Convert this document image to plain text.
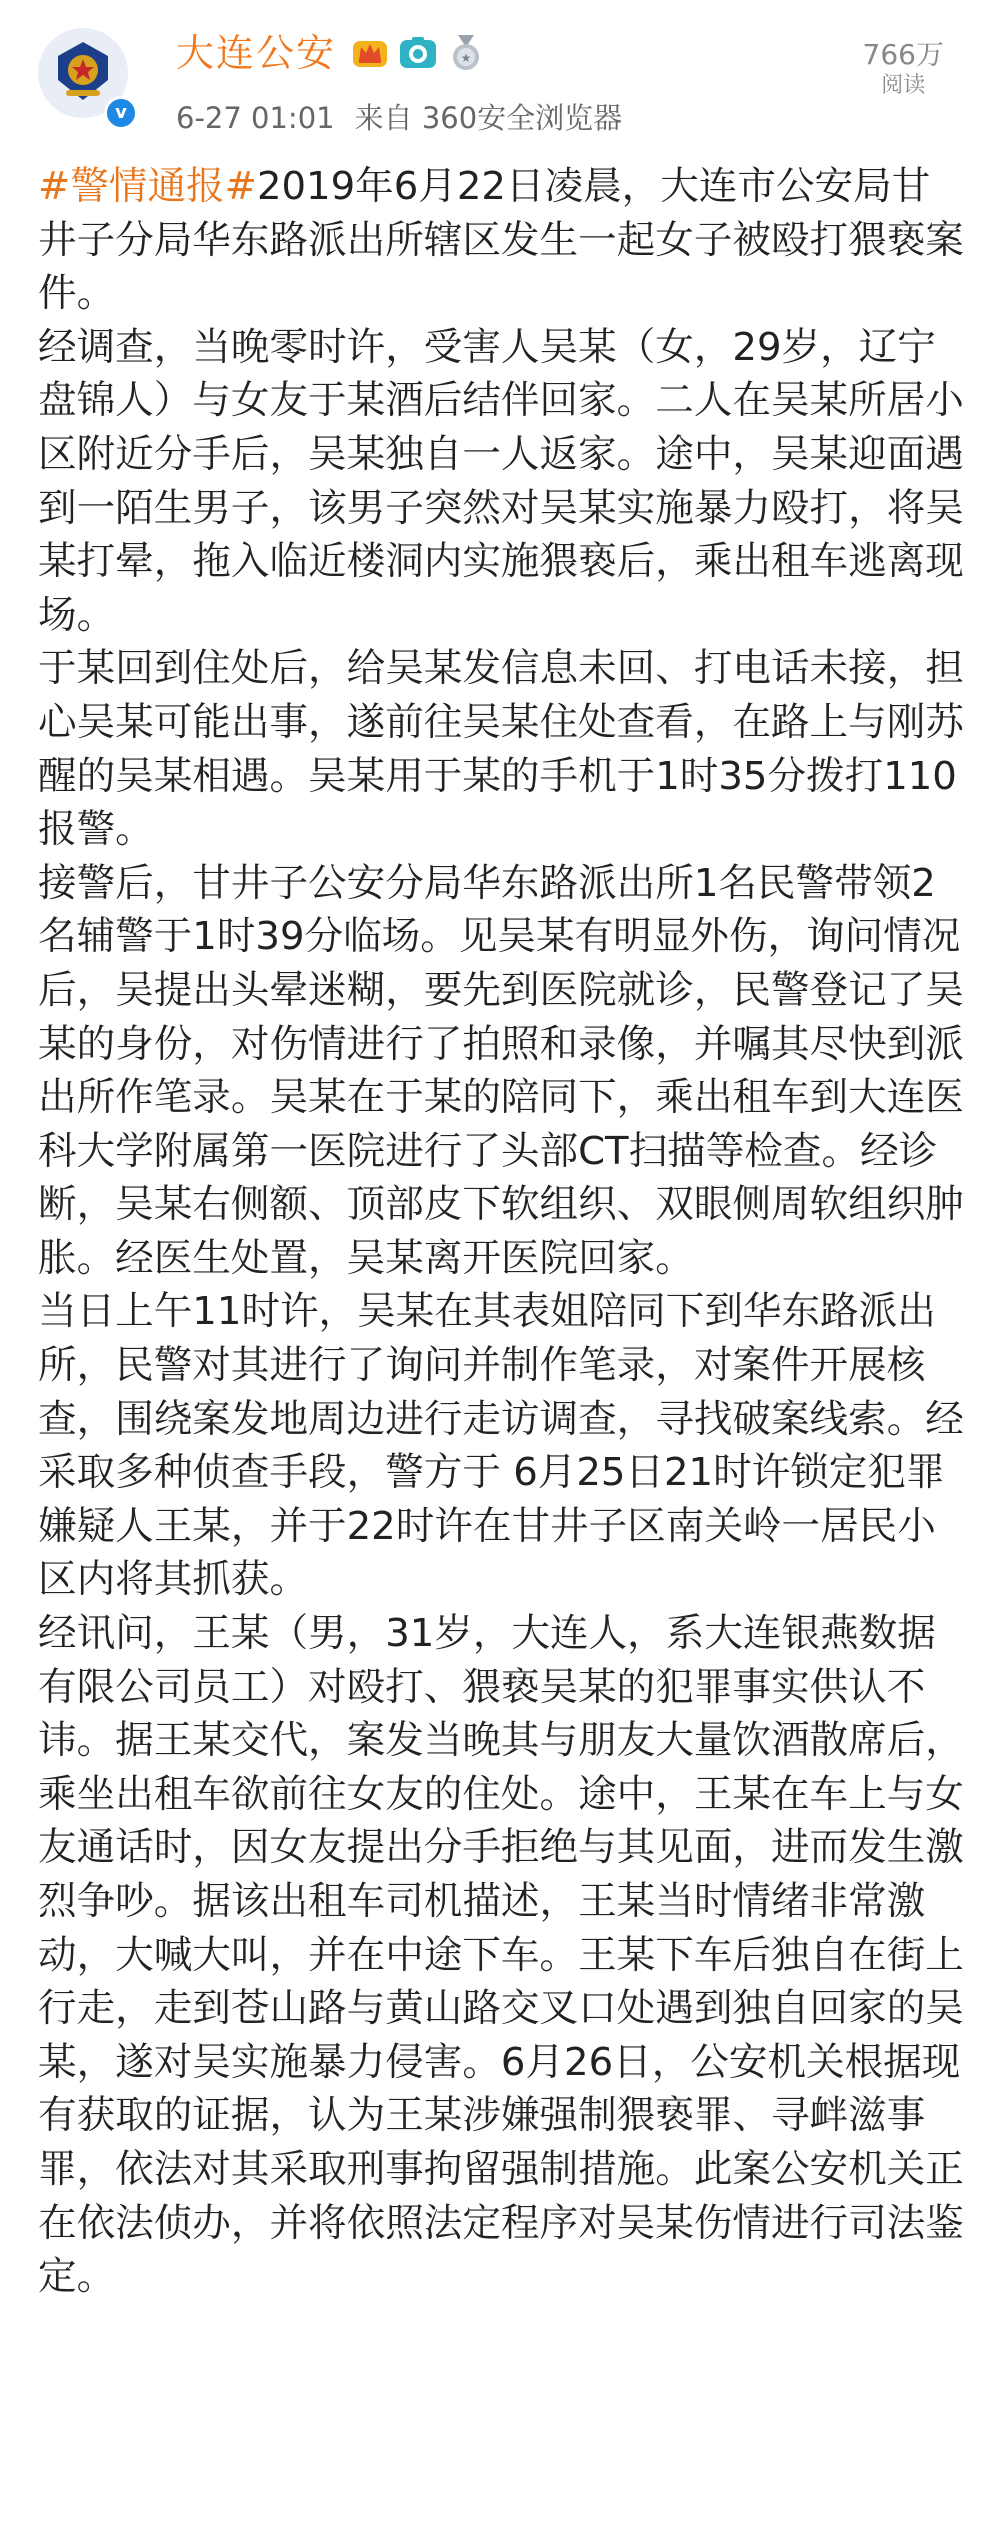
v
大连公安	★
6-27 01:01 来自 360安全浏览器
766万
阅读

#警情通报#2019年6月22日凌晨，大连市公安局甘井子分局华东路派出所辖区发生一起女子被殴打猥亵案件。

经调查，当晚零时许，受害人吴某（女，29岁，辽宁盘锦人）与女友于某酒后结伴回家。二人在吴某所居小区附近分手后，吴某独自一人返家。途中，吴某迎面遇到一陌生男子，该男子突然对吴某实施暴力殴打，将吴某打晕，拖入临近楼洞内实施猥亵后，乘出租车逃离现场。

于某回到住处后，给吴某发信息未回、打电话未接，担心吴某可能出事，遂前往吴某住处查看，在路上与刚苏醒的吴某相遇。吴某用于某的手机于1时35分拨打110报警。

接警后，甘井子公安分局华东路派出所1名民警带领2名辅警于1时39分临场。见吴某有明显外伤，询问情况后，吴提出头晕迷糊，要先到医院就诊，民警登记了吴某的身份，对伤情进行了拍照和录像，并嘱其尽快到派出所作笔录。吴某在于某的陪同下，乘出租车到大连医科大学附属第一医院进行了头部CT扫描等检查。经诊断，吴某右侧额、顶部皮下软组织、双眼侧周软组织肿胀。经医生处置，吴某离开医院回家。

当日上午11时许，吴某在其表姐陪同下到华东路派出所，民警对其进行了询问并制作笔录，对案件开展核查，围绕案发地周边进行走访调查，寻找破案线索。经采取多种侦查手段，警方于 6月25日21时许锁定犯罪嫌疑人王某，并于22时许在甘井子区南关岭一居民小区内将其抓获。

经讯问，王某（男，31岁，大连人，系大连银燕数据有限公司员工）对殴打、猥亵吴某的犯罪事实供认不讳。据王某交代，案发当晚其与朋友大量饮酒散席后，乘坐出租车欲前往女友的住处。途中，王某在车上与女友通话时，因女友提出分手拒绝与其见面，进而发生激烈争吵。据该出租车司机描述，王某当时情绪非常激动，大喊大叫，并在中途下车。王某下车后独自在街上行走，走到苍山路与黄山路交叉口处遇到独自回家的吴某，遂对吴实施暴力侵害。6月26日，公安机关根据现有获取的证据，认为王某涉嫌强制猥亵罪、寻衅滋事罪，依法对其采取刑事拘留强制措施。此案公安机关正在依法侦办，并将依照法定程序对吴某伤情进行司法鉴定。
